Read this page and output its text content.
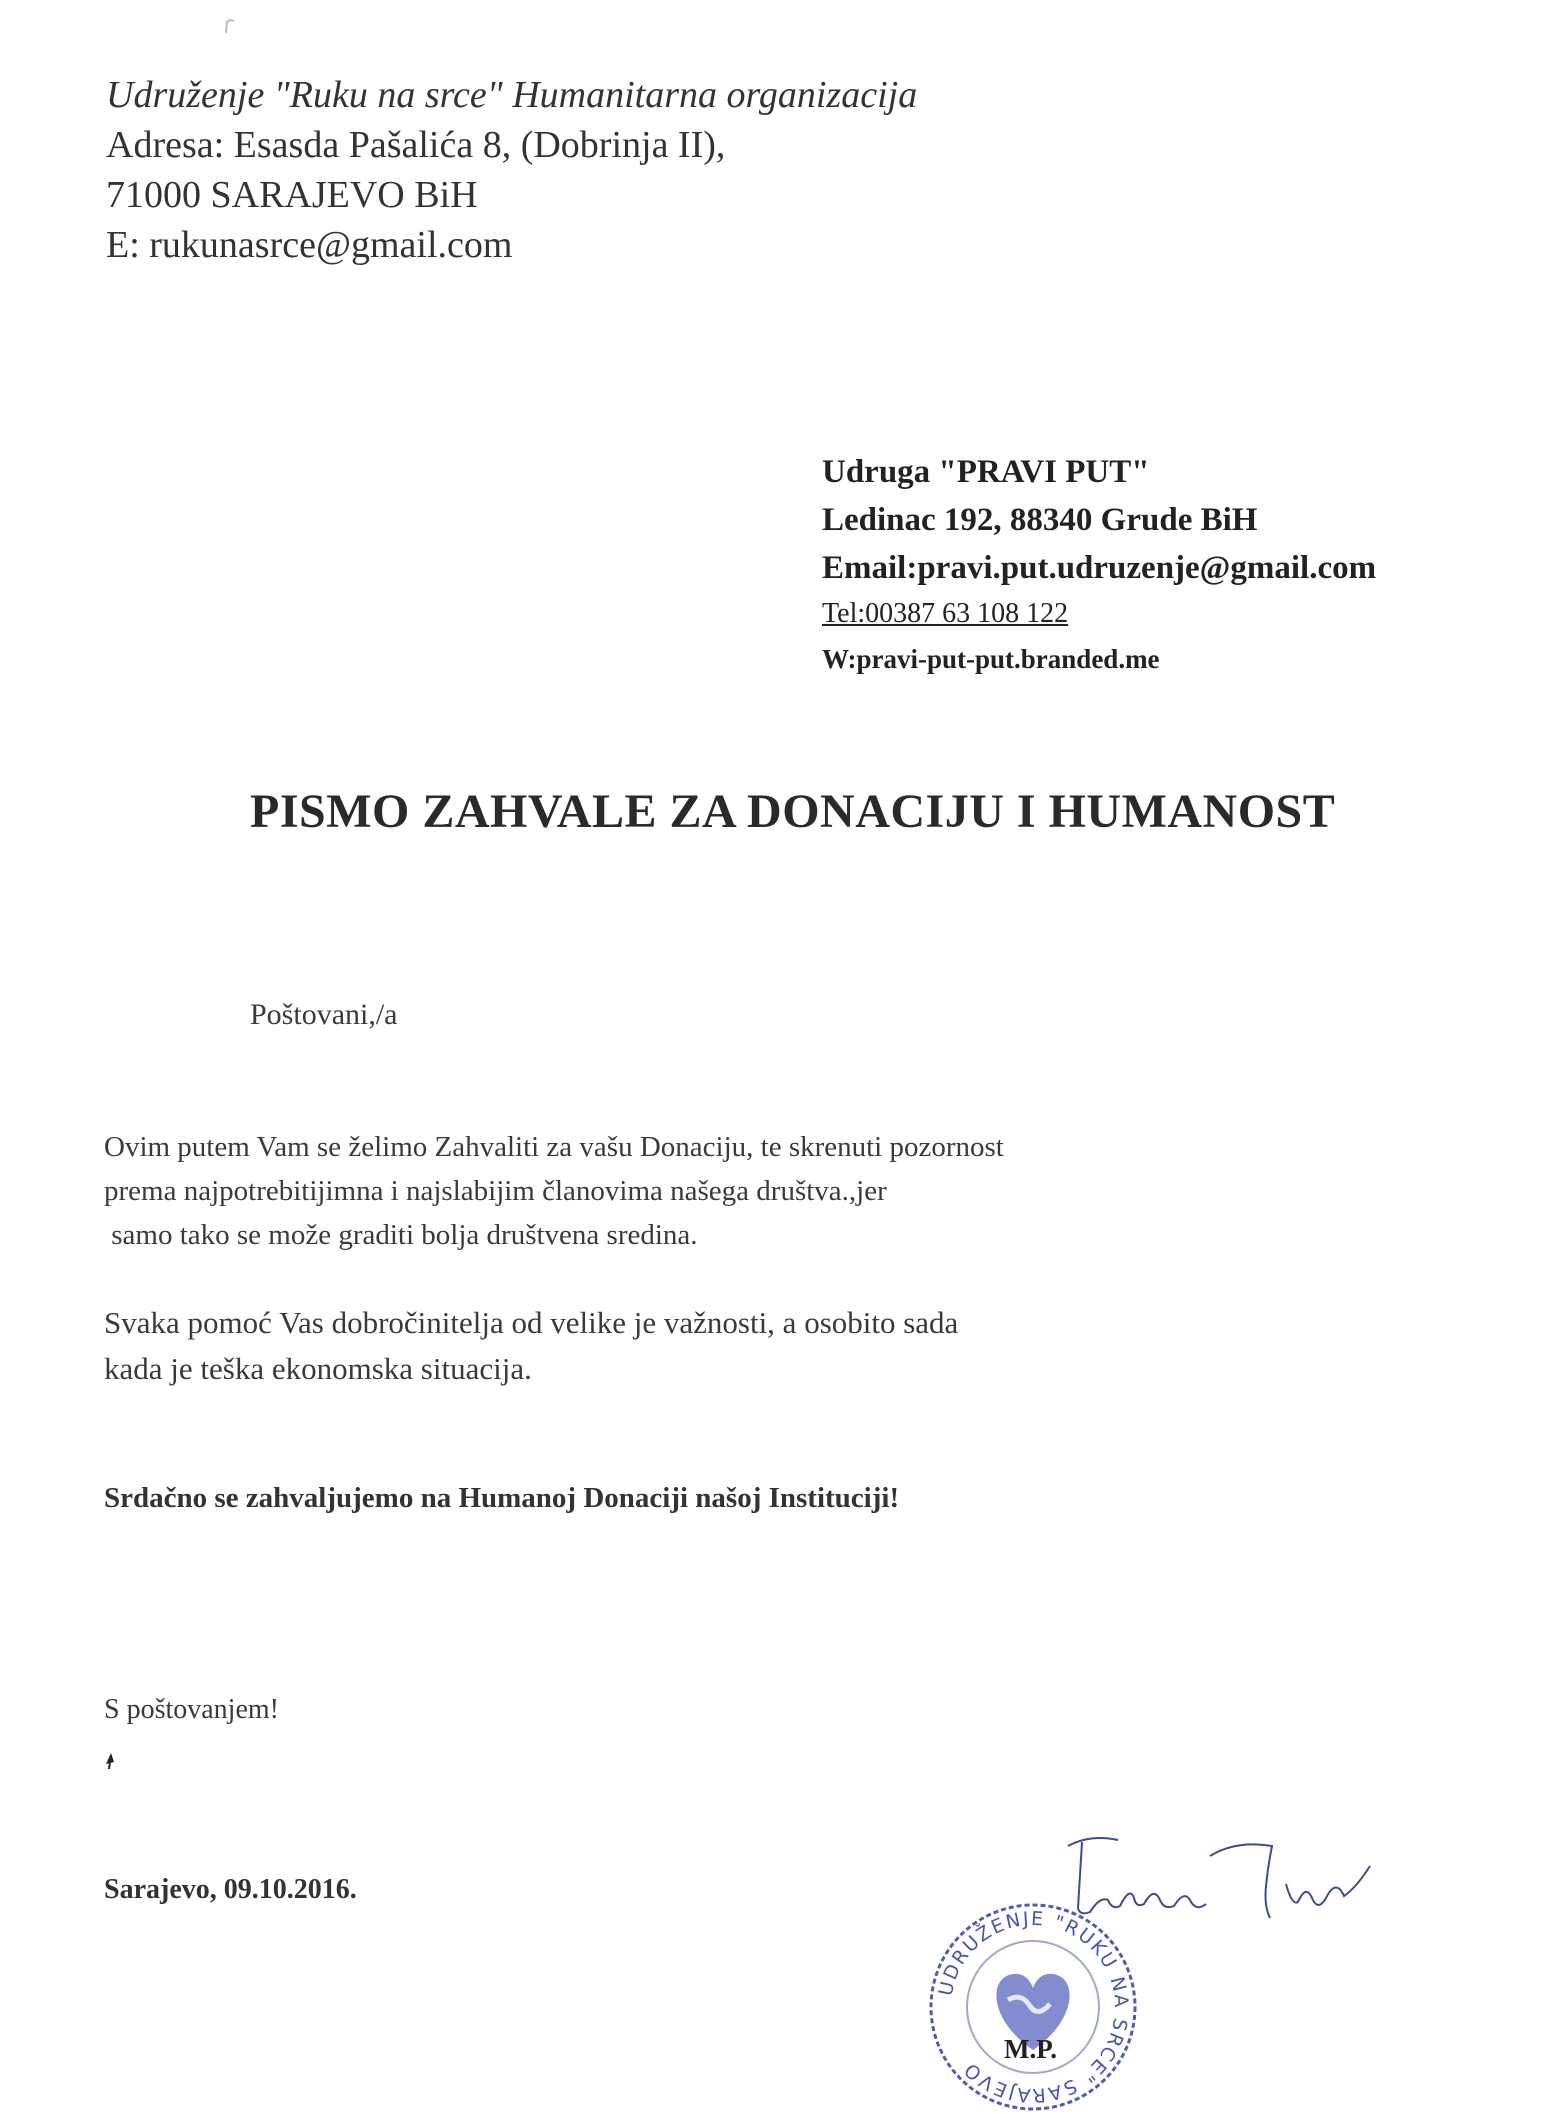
Udruženje "Ruku na srce" Humanitarna organizacija
Adresa: Esasda Pašalića 8, (Dobrinja II),
71000 SARAJEVO BiH
E: rukunasrce@gmail.com
Udruga "PRAVI PUT"
Ledinac 192, 88340 Grude BiH
Email:pravi.put.udruzenje@gmail.com
Tel:00387 63 108 122
W:pravi-put-put.branded.me
PISMO ZAHVALE ZA DONACIJU I HUMANOST
Poštovani,/a
Ovim putem Vam se želimo Zahvaliti za vašu Donaciju, te skrenuti pozornost
prema najpotrebitijimna i najslabijim članovima našega društva.,jer
samo tako se može graditi bolja društvena sredina.
Svaka pomoć Vas dobročinitelja od velike je važnosti, a osobito sada
kada je teška ekonomska situacija.
Srdačno se zahvaljujemo na Humanoj Donaciji našoj Instituciji!
S poštovanjem!
Sarajevo, 09.10.2016.
UDRUŽENJE "RUKU NA SRCE" SARAJEVO
M.P.
